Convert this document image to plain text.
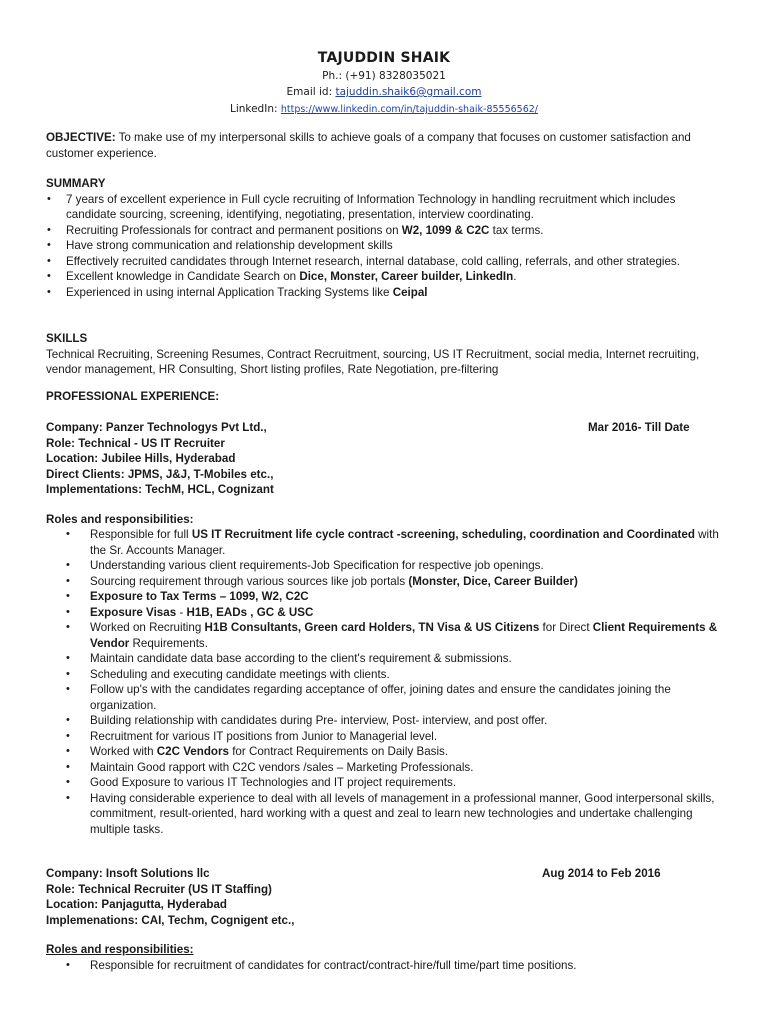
TAJUDDIN SHAIK
Ph.: (+91) 8328035021
Email id: tajuddin.shaik6@gmail.com
LinkedIn: https://www.linkedin.com/in/tajuddin-shaik-85556562/
OBJECTIVE: To make use of my interpersonal skills to achieve goals of a company that focuses on customer satisfaction and customer experience.
SUMMARY
• 7 years of excellent experience in Full cycle recruiting of Information Technology in handling recruitment which includes candidate sourcing, screening, identifying, negotiating, presentation, interview coordinating.
• Recruiting Professionals for contract and permanent positions on W2, 1099 & C2C tax terms.
• Have strong communication and relationship development skills
• Effectively recruited candidates through Internet research, internal database, cold calling, referrals, and other strategies.
• Excellent knowledge in Candidate Search on Dice, Monster, Career builder, LinkedIn.
• Experienced in using internal Application Tracking Systems like Ceipal
SKILLS
Technical Recruiting, Screening Resumes, Contract Recruitment, sourcing, US IT Recruitment, social media, Internet recruiting, vendor management, HR Consulting, Short listing profiles, Rate Negotiation, pre-filtering
PROFESSIONAL EXPERIENCE:
Company: Panzer Technologys Pvt Ltd.,	Mar 2016- Till Date
Role: Technical - US IT Recruiter
Location: Jubilee Hills, Hyderabad
Direct Clients: JPMS, J&J, T-Mobiles etc.,
Implementations: TechM, HCL, Cognizant
Roles and responsibilities:
• Responsible for full US IT Recruitment life cycle contract -screening, scheduling, coordination and Coordinated with the Sr. Accounts Manager.
• Understanding various client requirements-Job Specification for respective job openings.
• Sourcing requirement through various sources like job portals (Monster, Dice, Career Builder)
• Exposure to Tax Terms – 1099, W2, C2C
• Exposure Visas - H1B, EADs , GC & USC
• Worked on Recruiting H1B Consultants, Green card Holders, TN Visa & US Citizens for Direct Client Requirements & Vendor Requirements.
• Maintain candidate data base according to the client's requirement & submissions.
• Scheduling and executing candidate meetings with clients.
• Follow up's with the candidates regarding acceptance of offer, joining dates and ensure the candidates joining the organization.
• Building relationship with candidates during Pre- interview, Post- interview, and post offer.
• Recruitment for various IT positions from Junior to Managerial level.
• Worked with C2C Vendors for Contract Requirements on Daily Basis.
• Maintain Good rapport with C2C vendors /sales – Marketing Professionals.
• Good Exposure to various IT Technologies and IT project requirements.
• Having considerable experience to deal with all levels of management in a professional manner, Good interpersonal skills, commitment, result-oriented, hard working with a quest and zeal to learn new technologies and undertake challenging multiple tasks.
Company: Insoft Solutions llc	Aug 2014 to Feb 2016
Role: Technical Recruiter (US IT Staffing)
Location: Panjagutta, Hyderabad
Implemenations: CAI, Techm, Cognigent etc.,
Roles and responsibilities:
• Responsible for recruitment of candidates for contract/contract-hire/full time/part time positions.
